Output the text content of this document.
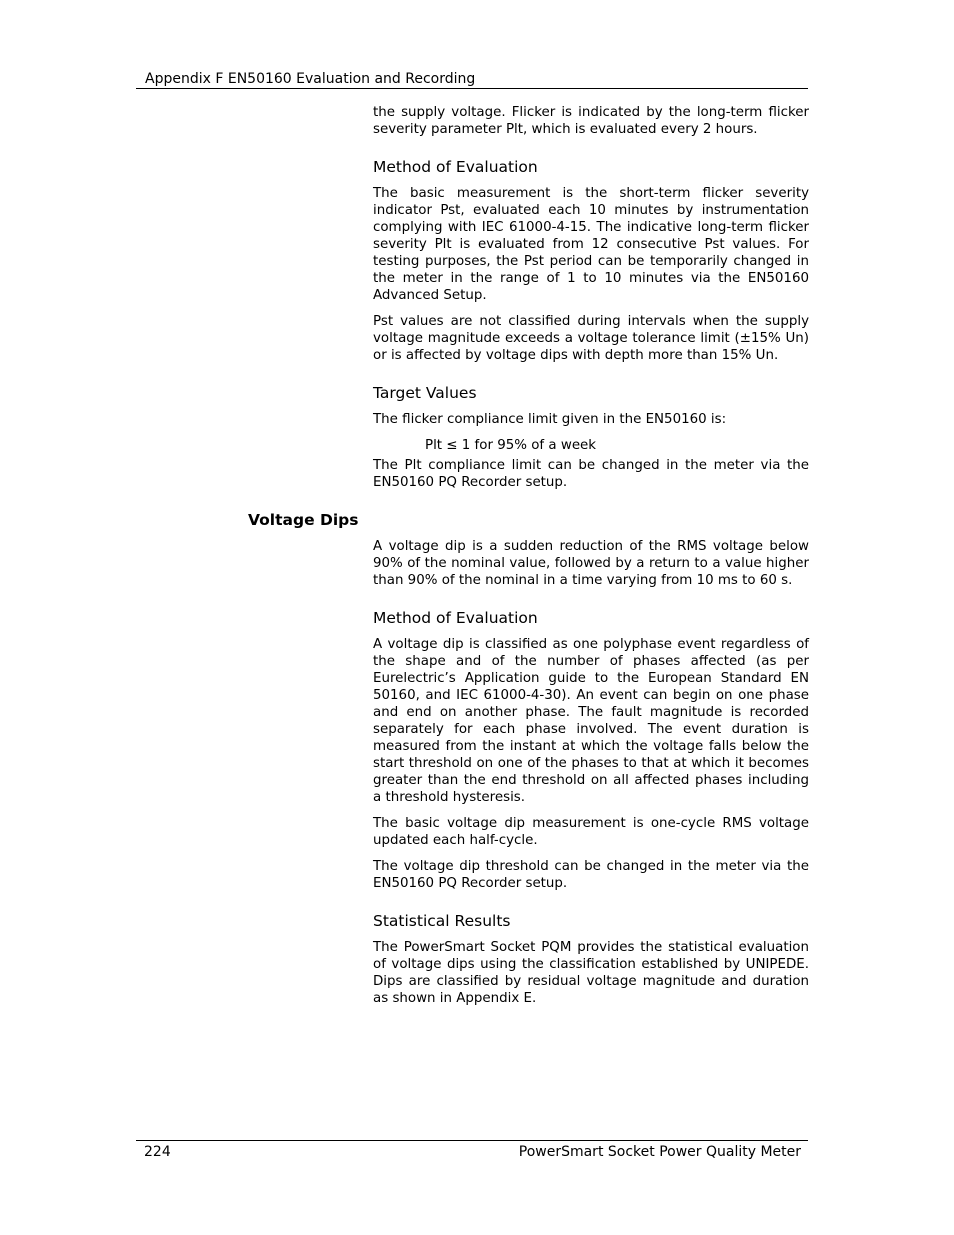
Appendix F EN50160 Evaluation and Recording

the supply voltage. Flicker is indicated by the long-term flicker severity parameter Plt, which is evaluated every 2 hours.

Method of Evaluation

The basic measurement is the short-term flicker severity indicator Pst, evaluated each 10 minutes by instrumentation complying with IEC 61000-4-15. The indicative long-term flicker severity Plt is evaluated from 12 consecutive Pst values. For testing purposes, the Pst period can be temporarily changed in the meter in the range of 1 to 10 minutes via the EN50160 Advanced Setup.

Pst values are not classified during intervals when the supply voltage magnitude exceeds a voltage tolerance limit (±15% Un) or is affected by voltage dips with depth more than 15% Un.

Target Values

The flicker compliance limit given in the EN50160 is:

Plt ≤ 1 for 95% of a week

The Plt compliance limit can be changed in the meter via the EN50160 PQ Recorder setup.

Voltage Dips

A voltage dip is a sudden reduction of the RMS voltage below 90% of the nominal value, followed by a return to a value higher than 90% of the nominal in a time varying from 10 ms to 60 s.

Method of Evaluation

A voltage dip is classified as one polyphase event regardless of the shape and of the number of phases affected (as per Eurelectric’s Application guide to the European Standard EN 50160, and IEC 61000-4-30). An event can begin on one phase and end on another phase. The fault magnitude is recorded separately for each phase involved. The event duration is measured from the instant at which the voltage falls below the start threshold on one of the phases to that at which it becomes greater than the end threshold on all affected phases including a threshold hysteresis.

The basic voltage dip measurement is one-cycle RMS voltage updated each half-cycle.

The voltage dip threshold can be changed in the meter via the EN50160 PQ Recorder setup.

Statistical Results

The PowerSmart Socket PQM provides the statistical evaluation of voltage dips using the classification established by UNIPEDE. Dips are classified by residual voltage magnitude and duration as shown in Appendix E.

224	PowerSmart Socket Power Quality Meter
